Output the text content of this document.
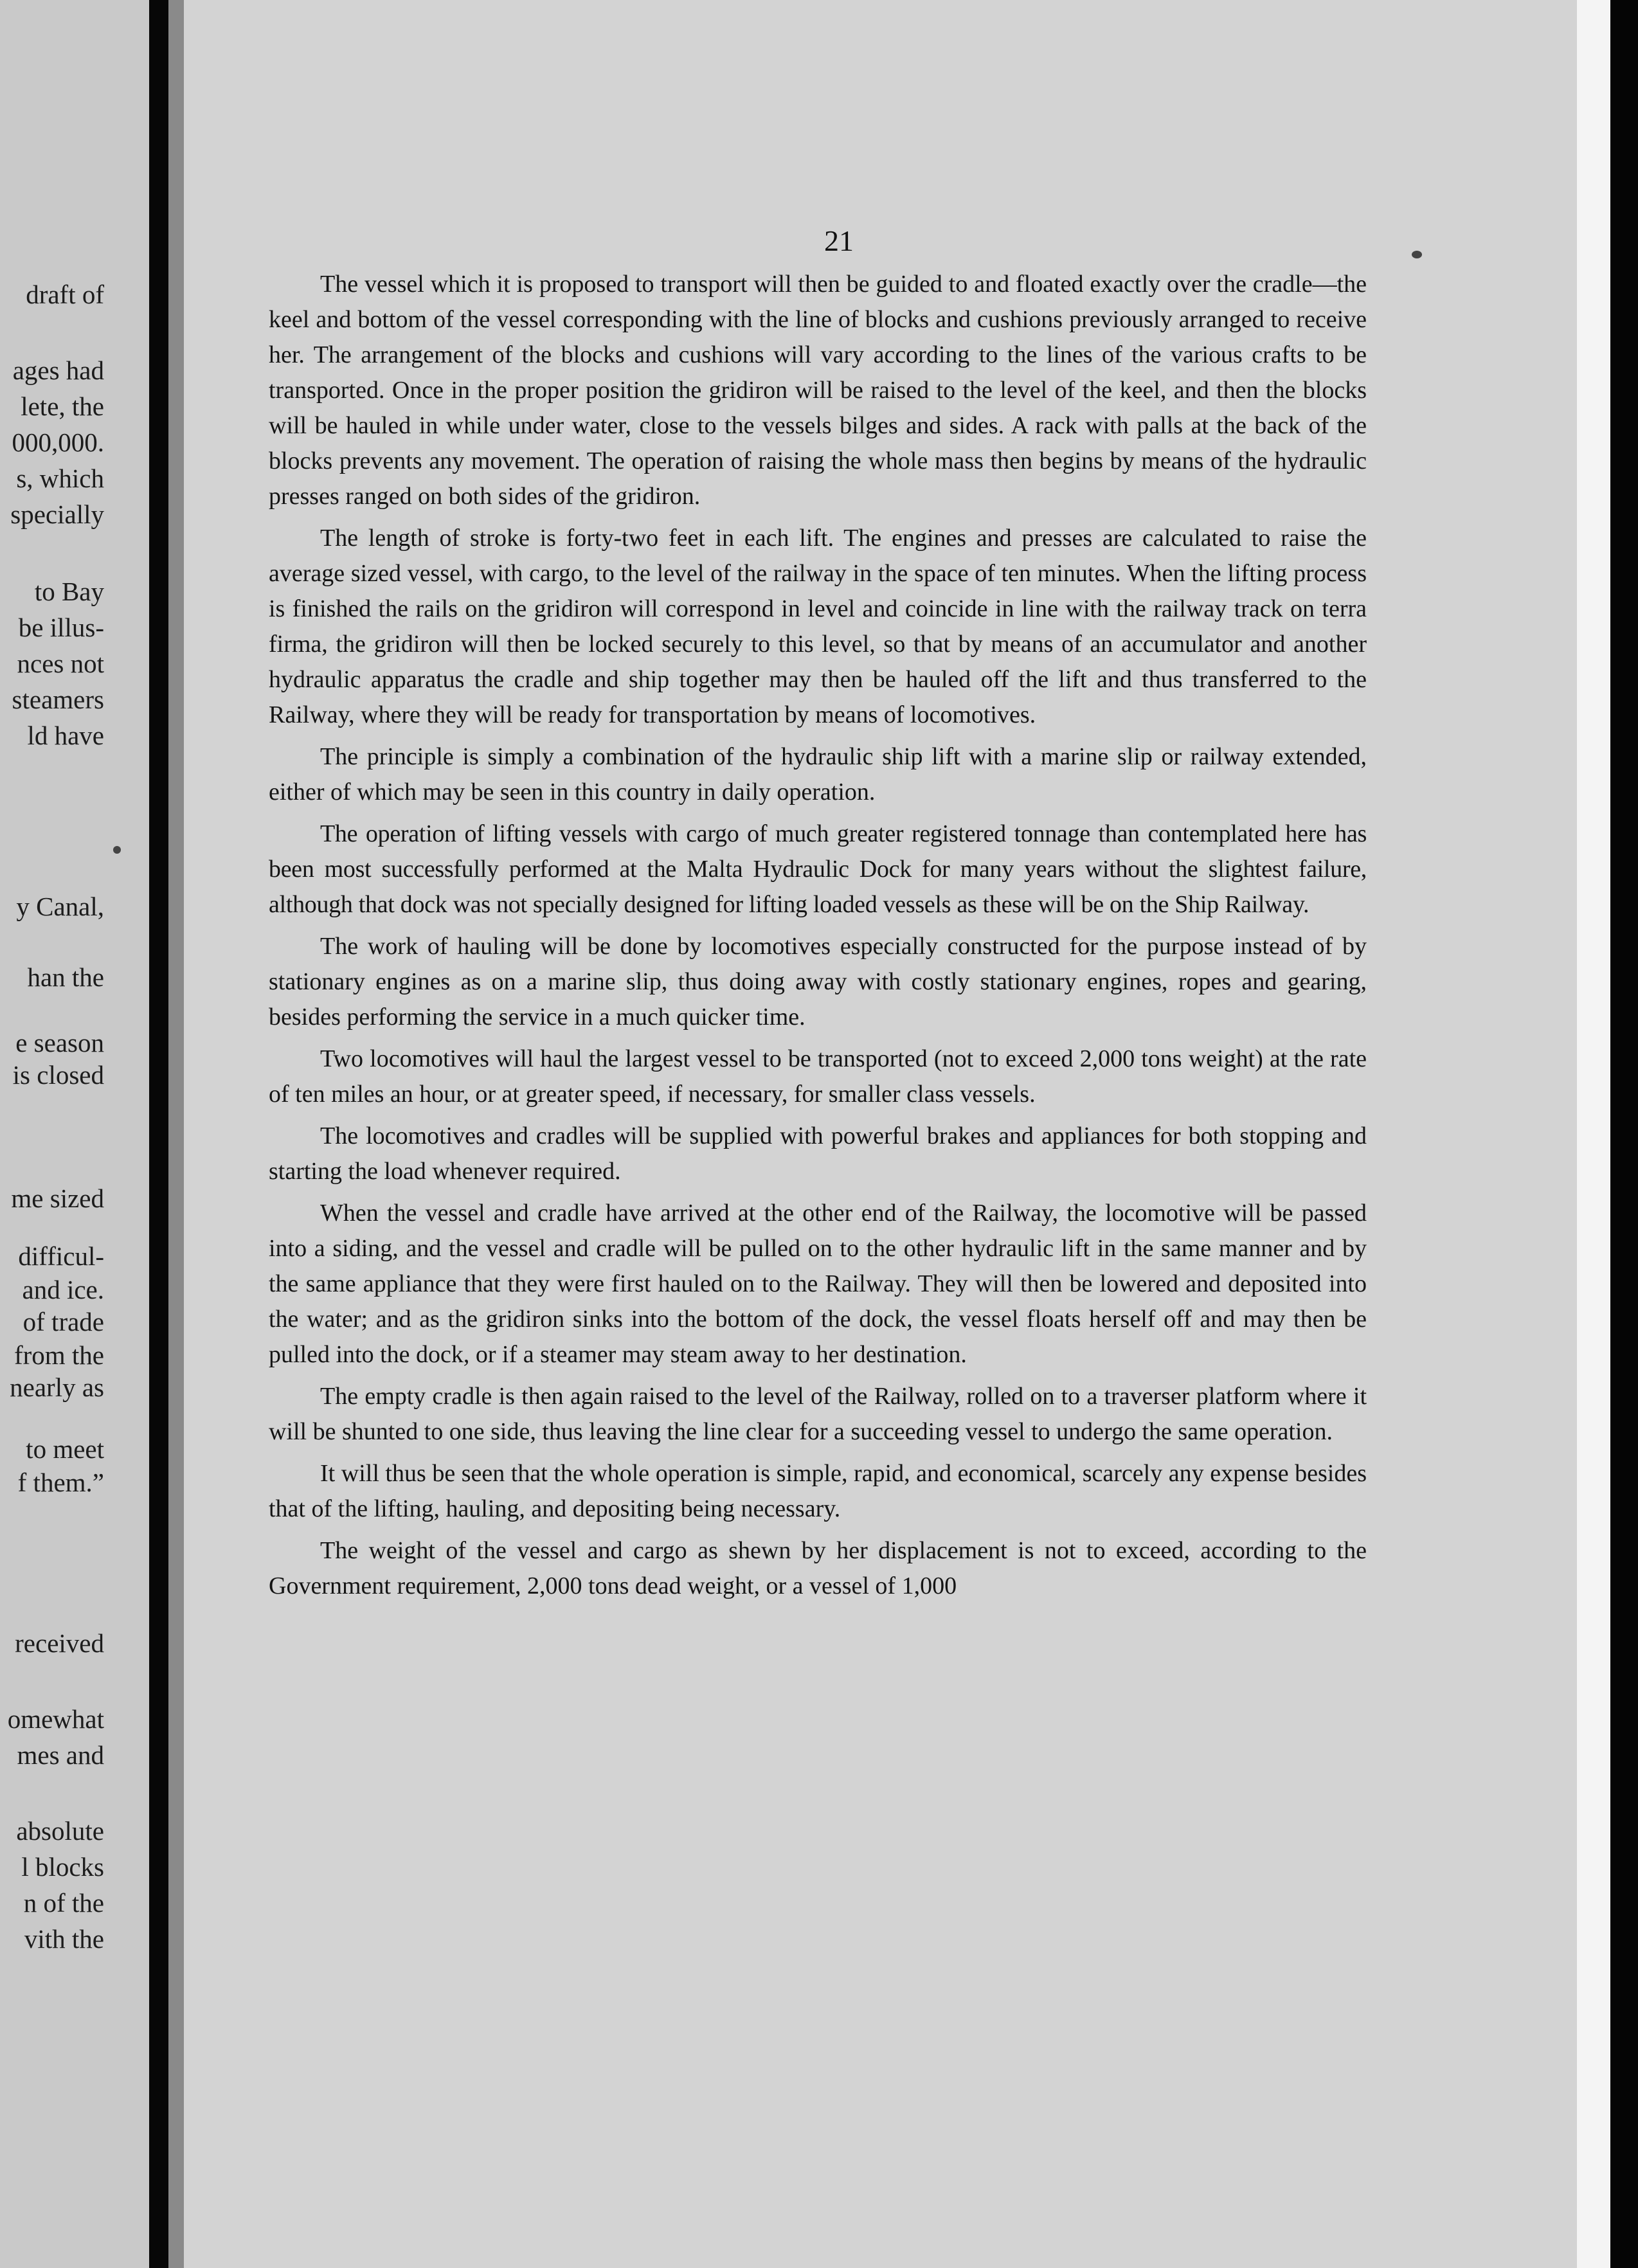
draft of
ages had
lete, the
000,000.
s, which
specially
to Bay
be illus-
nces not
steamers
ld have
y Canal,
han the
e season
is closed
me sized
difficul-
and ice.
of trade
from the
nearly as
to meet
f them.”
received
omewhat
mes and
absolute
l blocks
n of the
vith the
21

The vessel which it is proposed to transport will then be guided to and floated exactly over the cradle—the keel and bottom of the vessel corresponding with the line of blocks and cushions previously arranged to receive her. The arrangement of the blocks and cushions will vary according to the lines of the various crafts to be transported. Once in the proper position the gridiron will be raised to the level of the keel, and then the blocks will be hauled in while under water, close to the vessels bilges and sides. A rack with palls at the back of the blocks prevents any movement. The operation of raising the whole mass then begins by means of the hydraulic presses ranged on both sides of the gridiron.

The length of stroke is forty-two feet in each lift. The engines and presses are calculated to raise the average sized vessel, with cargo, to the level of the railway in the space of ten minutes. When the lifting process is finished the rails on the gridiron will correspond in level and coincide in line with the railway track on terra firma, the gridiron will then be locked securely to this level, so that by means of an accumulator and another hydraulic apparatus the cradle and ship together may then be hauled off the lift and thus transferred to the Railway, where they will be ready for transportation by means of locomotives.

The principle is simply a combination of the hydraulic ship lift with a marine slip or railway extended, either of which may be seen in this country in daily operation.

The operation of lifting vessels with cargo of much greater registered tonnage than contemplated here has been most successfully performed at the Malta Hydraulic Dock for many years without the slightest failure, although that dock was not specially designed for lifting loaded vessels as these will be on the Ship Railway.

The work of hauling will be done by locomotives especially constructed for the purpose instead of by stationary engines as on a marine slip, thus doing away with costly stationary engines, ropes and gearing, besides performing the service in a much quicker time.

Two locomotives will haul the largest vessel to be transported (not to exceed 2,000 tons weight) at the rate of ten miles an hour, or at greater speed, if necessary, for smaller class vessels.

The locomotives and cradles will be supplied with powerful brakes and appliances for both stopping and starting the load whenever required.

When the vessel and cradle have arrived at the other end of the Railway, the locomotive will be passed into a siding, and the vessel and cradle will be pulled on to the other hydraulic lift in the same manner and by the same appliance that they were first hauled on to the Railway. They will then be lowered and deposited into the water; and as the gridiron sinks into the bottom of the dock, the vessel floats herself off and may then be pulled into the dock, or if a steamer may steam away to her destination.

The empty cradle is then again raised to the level of the Railway, rolled on to a traverser platform where it will be shunted to one side, thus leaving the line clear for a succeeding vessel to undergo the same operation.

It will thus be seen that the whole operation is simple, rapid, and economical, scarcely any expense besides that of the lifting, hauling, and depositing being necessary.

The weight of the vessel and cargo as shewn by her displacement is not to exceed, according to the Government requirement, 2,000 tons dead weight, or a vessel of 1,000
